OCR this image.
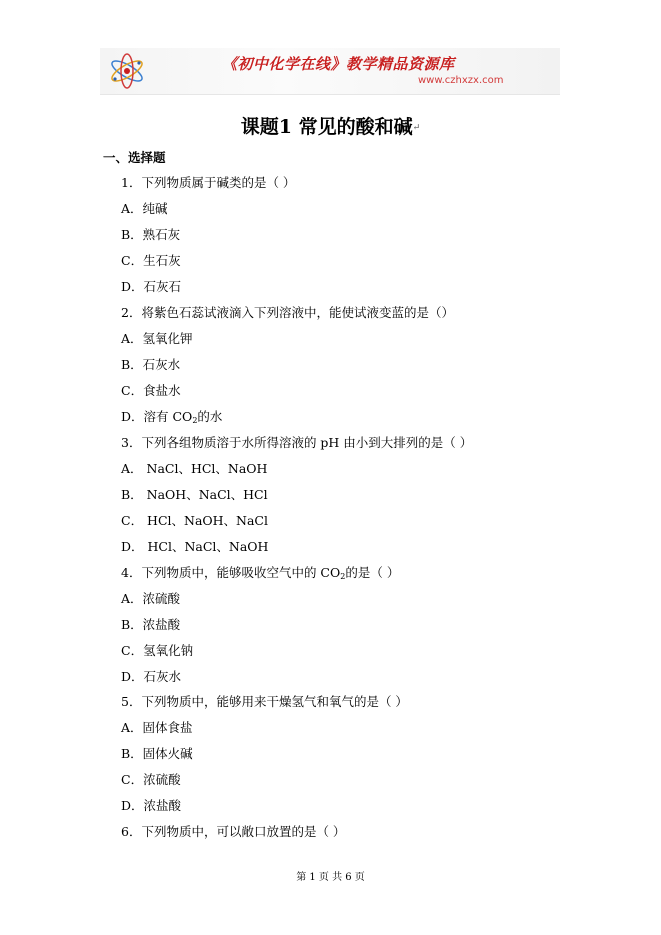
《初中化学在线》教学精品资源库
www.czhxzx.com
课题1 常见的酸和碱↵
一、选择题
1．下列物质属于碱类的是（ ）
A．纯碱
B．熟石灰
C．生石灰
D．石灰石
2．将紫色石蕊试液滴入下列溶液中，能使试液变蓝的是（）
A．氢氧化钾
B．石灰水
C．食盐水
D．溶有 $CO_2$的水
3．下列各组物质溶于水所得溶液的 pH 由小到大排列的是（ ）
A． NaCl、HCl、NaOH
B． NaOH、NaCl、HCl
C． HCl、NaOH、NaCl
D． HCl、NaCl、NaOH
4．下列物质中，能够吸收空气中的 $CO_2$的是（ ）
A．浓硫酸
B．浓盐酸
C．氢氧化钠
D．石灰水
5．下列物质中，能够用来干燥氢气和氧气的是（ ）
A．固体食盐
B．固体火碱
C．浓硫酸
D．浓盐酸
6．下列物质中，可以敞口放置的是（ ）
第 1 页 共 6 页
